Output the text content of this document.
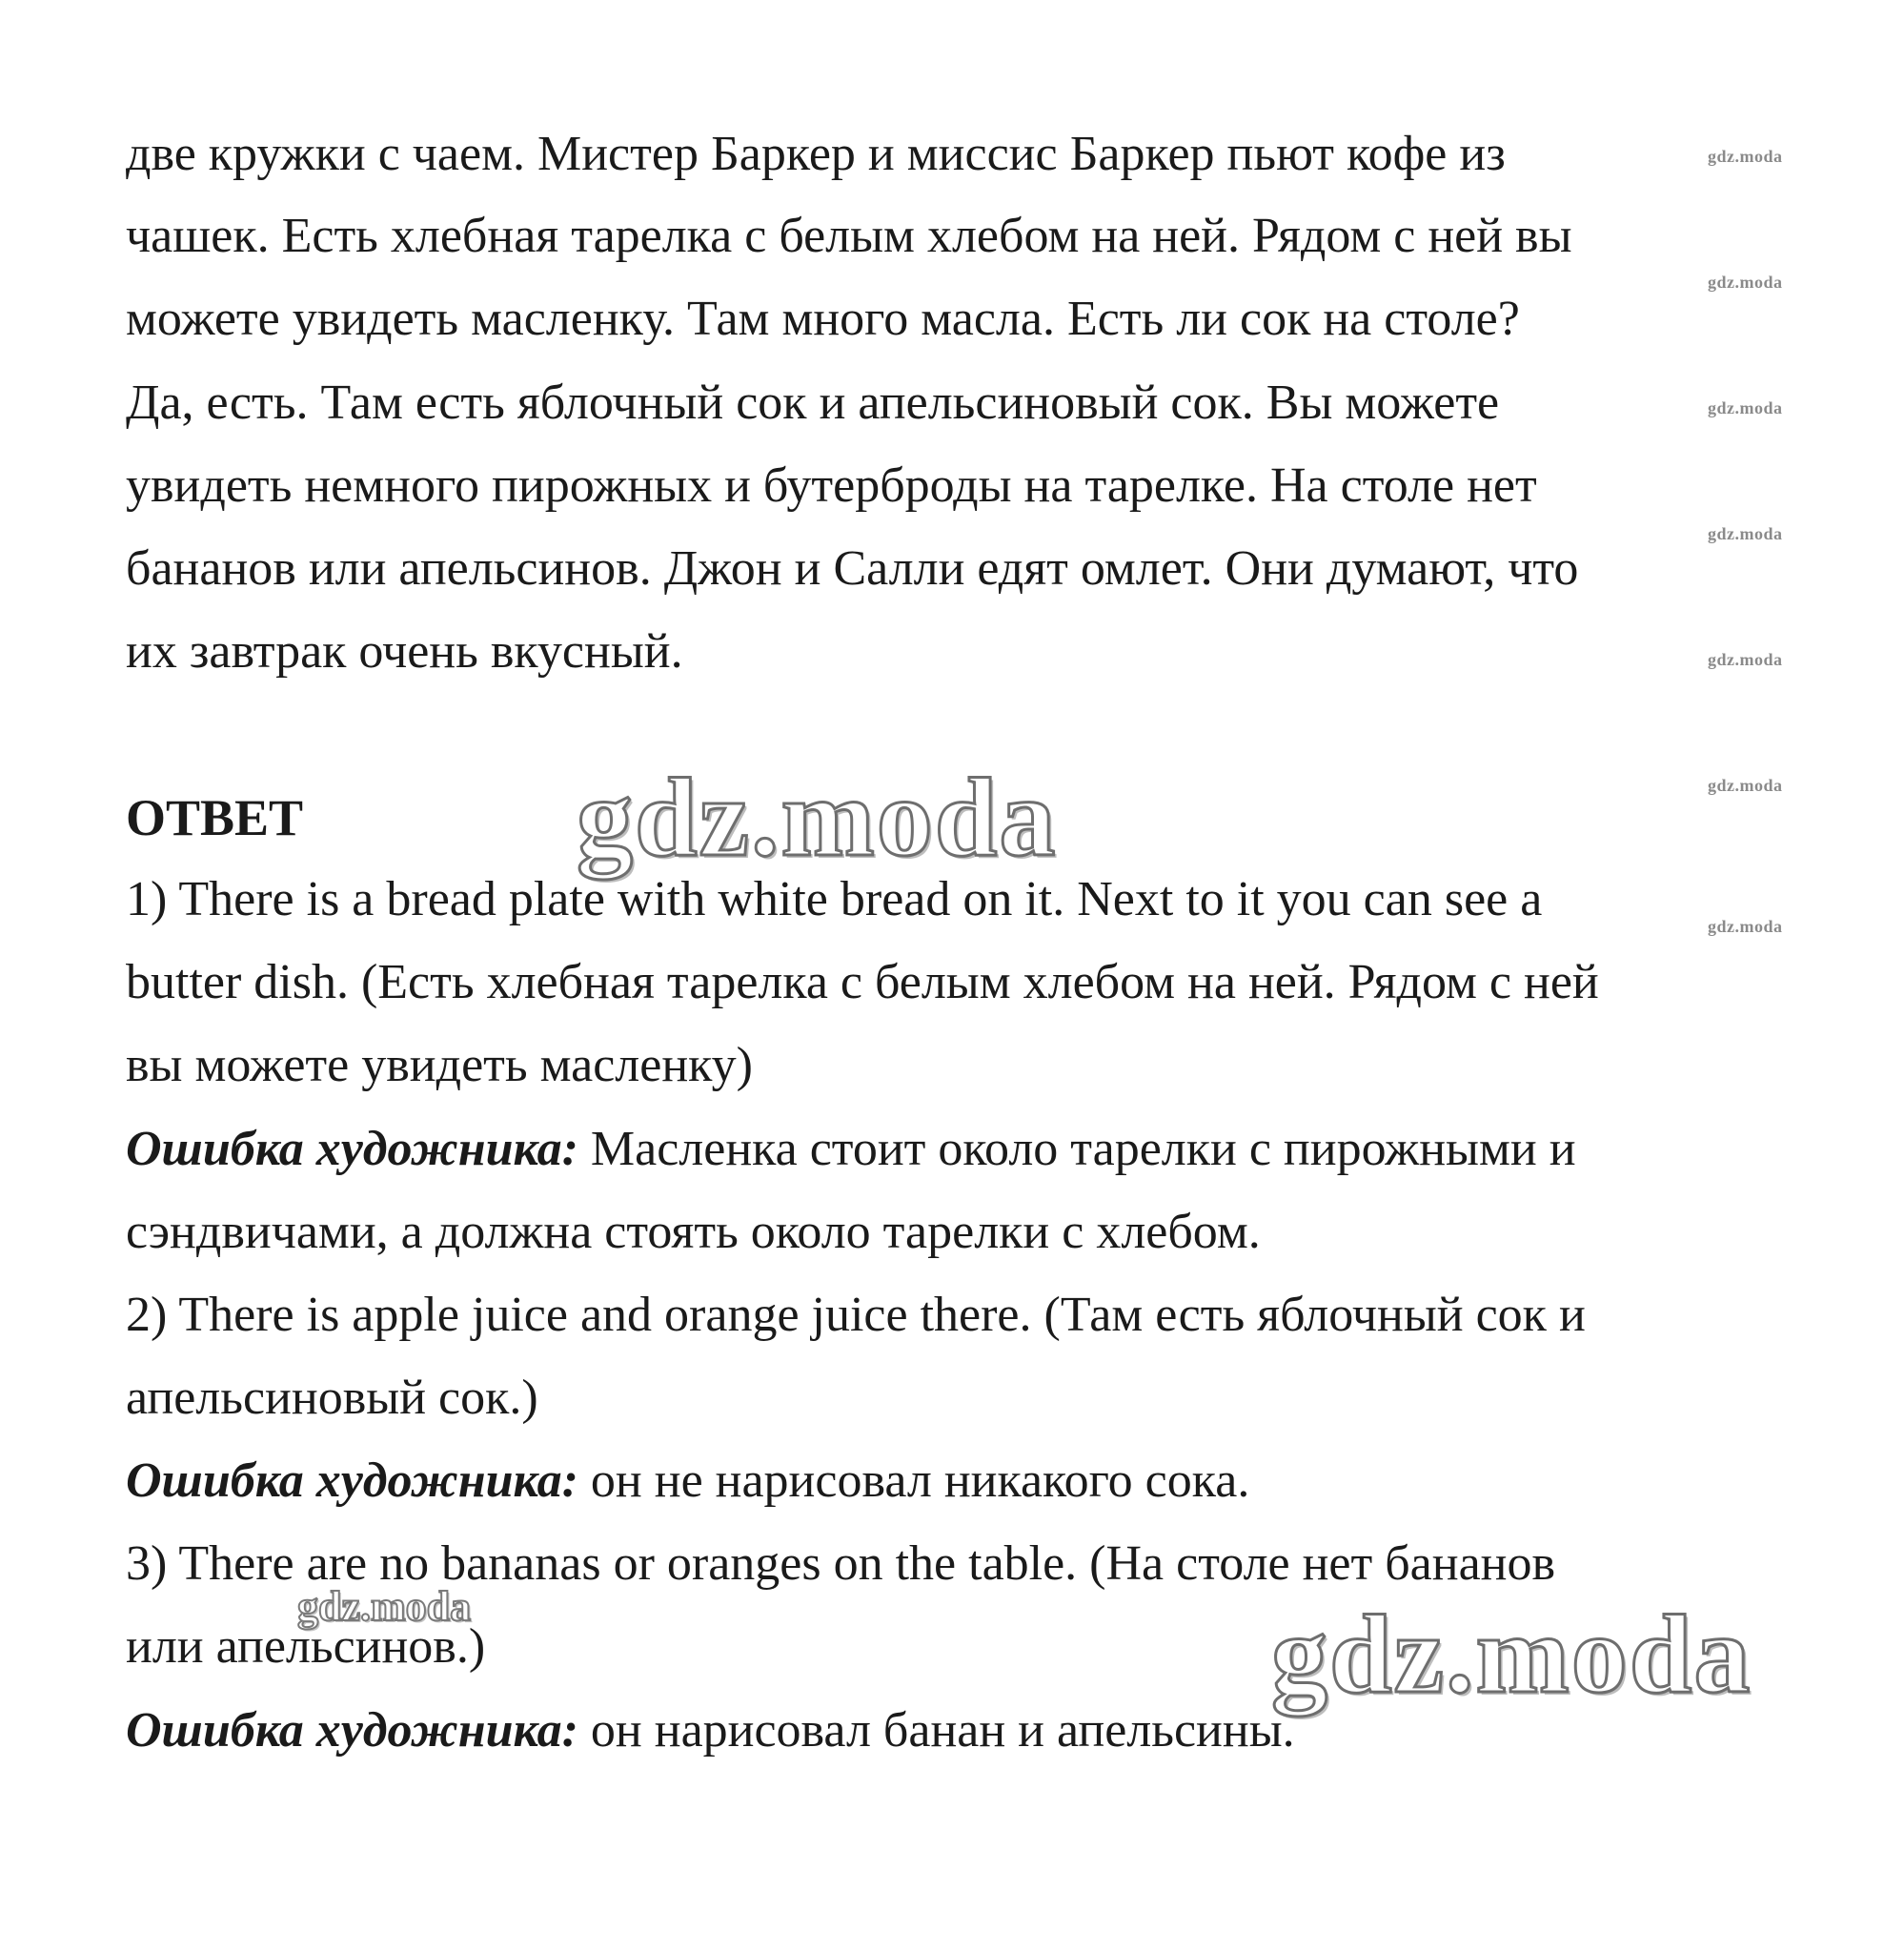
две кружки с чаем. Мистер Баркер и миссис Баркер пьют кофе из
чашек. Есть хлебная тарелка с белым хлебом на ней. Рядом с ней вы
можете увидеть масленку. Там много масла. Есть ли сок на столе?
Да, есть. Там есть яблочный сок и апельсиновый сок. Вы можете
увидеть немного пирожных и бутерброды на тарелке. На столе нет
бананов или апельсинов. Джон и Салли едят омлет. Они думают, что
их завтрак очень вкусный.
ОТВЕТ
1) There is a bread plate with white bread on it. Next to it you can see a
butter dish. (Есть хлебная тарелка с белым хлебом на ней. Рядом с ней
вы можете увидеть масленку)
Ошибка художника: Масленка стоит около тарелки с пирожными и
сэндвичами, а должна стоять около тарелки с хлебом.
2) There is apple juice and orange juice there. (Там есть яблочный сок и
апельсиновый сок.)
Ошибка художника: он не нарисовал никакого сока.
3) There are no bananas or oranges on the table. (На столе нет бананов
или апельсинов.)
Ошибка художника: он нарисовал банан и апельсины.
gdz.moda
gdz.moda
gdz.moda
gdz.moda
gdz.moda
gdz.moda
gdz.moda
gdz.moda
gdz.moda
gdz.moda
